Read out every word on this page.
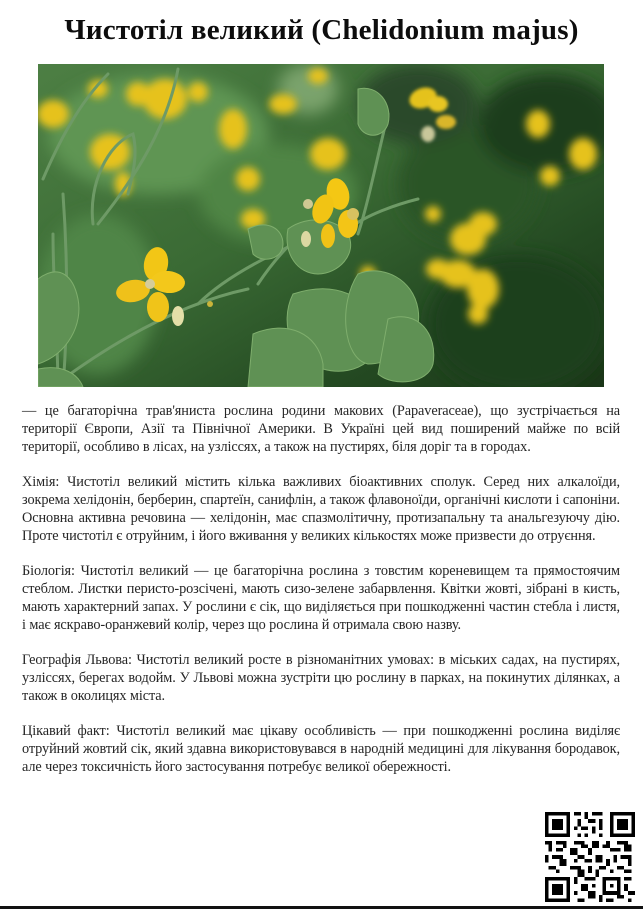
Чистотіл великий (Chelidonium majus)

— це багаторічна трав'яниста рослина родини макових (Papaveraceae), що зустрічається на території Європи, Азії та Північної Америки. В Україні цей вид поширений майже по всій території, особливо в лісах, на узліссях, а також на пустирях, біля доріг та в городах.

Хімія: Чистотіл великий містить кілька важливих біоактивних сполук. Серед них алкалоїди, зокрема хелідонін, берберин, спартеїн, санифлін, а також флавоноїди, органічні кислоти і сапоніни. Основна активна речовина — хелідонін, має спазмолітичну, протизапальну та анальгезуючу дію. Проте чистотіл є отруйним, і його вживання у великих кількостях може призвести до отруєння.

Біологія: Чистотіл великий — це багаторічна рослина з товстим кореневищем та прямостоячим стеблом. Листки перисто-розсічені, мають сизо-зелене забарвлення. Квітки жовті, зібрані в кисть, мають характерний запах. У рослини є сік, що виділяється при пошкодженні частин стебла і листя, і має яскраво-оранжевий колір, через що рослина й отримала свою назву.

Географія Львова: Чистотіл великий росте в різноманітних умовах: в міських садах, на пустирях, узліссях, берегах водойм. У Львові можна зустріти цю рослину в парках, на покинутих ділянках, а також в околицях міста.

Цікавий факт: Чистотіл великий має цікаву особливість — при пошкодженні рослина виділяє отруйний жовтий сік, який здавна використовувався в народній медицині для лікування бородавок, але через токсичність його застосування потребує великої обережності.
